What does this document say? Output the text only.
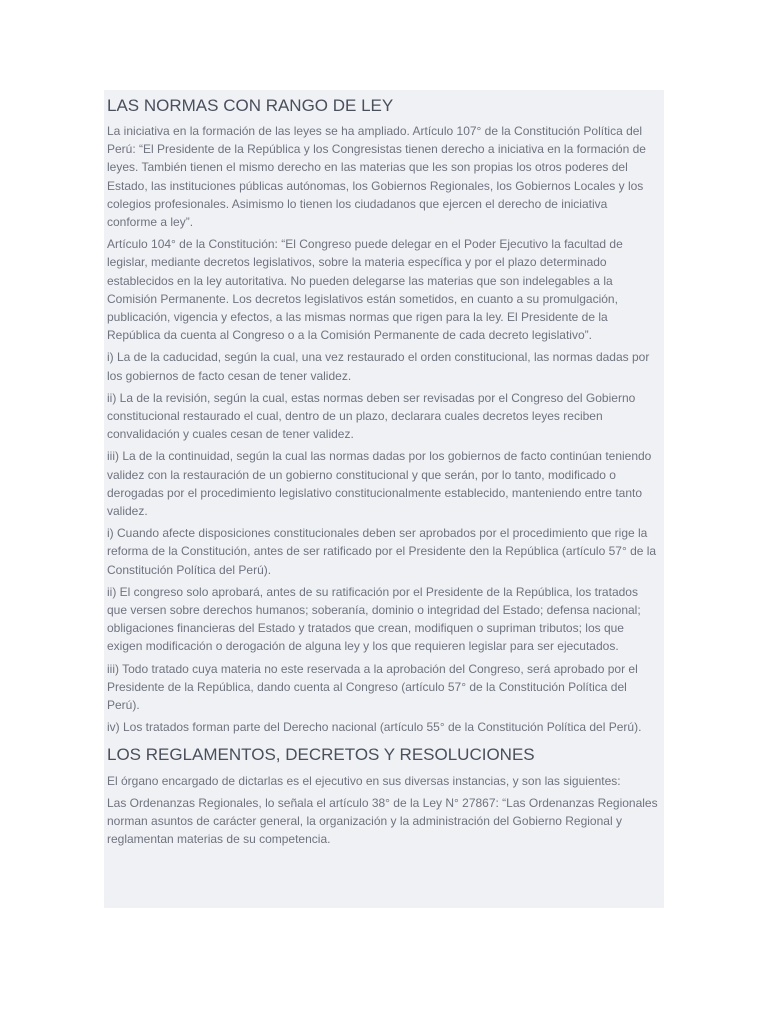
LAS NORMAS CON RANGO DE LEY

La iniciativa en la formación de las leyes se ha ampliado. Artículo 107° de la Constitución Política del Perú: “El Presidente de la República y los Congresistas tienen derecho a iniciativa en la formación de leyes. También tienen el mismo derecho en las materias que les son propias los otros poderes del Estado, las instituciones públicas autónomas, los Gobiernos Regionales, los Gobiernos Locales y los colegios profesionales. Asimismo lo tienen los ciudadanos que ejercen el derecho de iniciativa conforme a ley”.

Artículo 104° de la Constitución: “El Congreso puede delegar en el Poder Ejecutivo la facultad de legislar, mediante decretos legislativos, sobre la materia específica y por el plazo determinado establecidos en la ley autoritativa. No pueden delegarse las materias que son indelegables a la Comisión Permanente. Los decretos legislativos están sometidos, en cuanto a su promulgación, publicación, vigencia y efectos, a las mismas normas que rigen para la ley. El Presidente de la República da cuenta al Congreso o a la Comisión Permanente de cada decreto legislativo”.

i) La de la caducidad, según la cual, una vez restaurado el orden constitucional, las normas dadas por los gobiernos de facto cesan de tener validez.

ii) La de la revisión, según la cual, estas normas deben ser revisadas por el Congreso del Gobierno constitucional restaurado el cual, dentro de un plazo, declarara cuales decretos leyes reciben convalidación y cuales cesan de tener validez.

iii) La de la continuidad, según la cual las normas dadas por los gobiernos de facto continúan teniendo validez con la restauración de un gobierno constitucional y que serán, por lo tanto, modificado o derogadas por el procedimiento legislativo constitucionalmente establecido, manteniendo entre tanto validez.

i) Cuando afecte disposiciones constitucionales deben ser aprobados por el procedimiento que rige la reforma de la Constitución, antes de ser ratificado por el Presidente den la República (artículo 57° de la Constitución Política del Perú).

ii) El congreso solo aprobará, antes de su ratificación por el Presidente de la República, los tratados que versen sobre derechos humanos; soberanía, dominio o integridad del Estado; defensa nacional; obligaciones financieras del Estado y tratados que crean, modifiquen o supriman tributos; los que exigen modificación o derogación de alguna ley y los que requieren legislar para ser ejecutados.

iii) Todo tratado cuya materia no este reservada a la aprobación del Congreso, será aprobado por el Presidente de la República, dando cuenta al Congreso (artículo 57° de la Constitución Política del Perú).

iv) Los tratados forman parte del Derecho nacional (artículo 55° de la Constitución Política del Perú).

LOS REGLAMENTOS, DECRETOS Y RESOLUCIONES

El órgano encargado de dictarlas es el ejecutivo en sus diversas instancias, y son las siguientes:

Las Ordenanzas Regionales, lo señala el artículo 38° de la Ley N° 27867: “Las Ordenanzas Regionales norman asuntos de carácter general, la organización y la administración del Gobierno Regional y reglamentan materias de su competencia.
